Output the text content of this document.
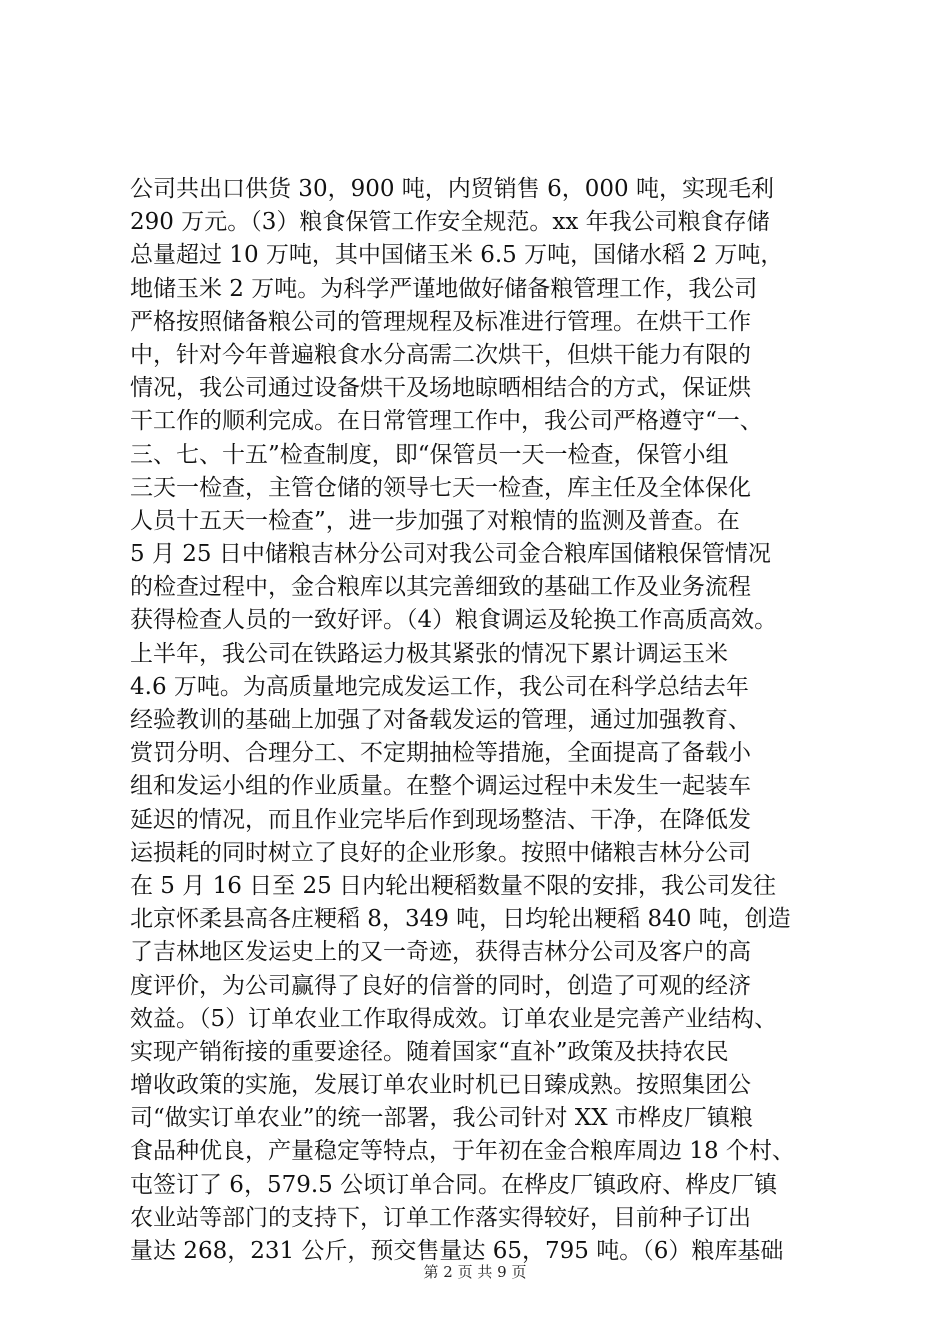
公司共出口供货 30，900 吨，内贸销售 6，000 吨，实现毛利
290 万元。（3）粮食保管工作安全规范。xx 年我公司粮食存储
总量超过 10 万吨，其中国储玉米 6.5 万吨，国储水稻 2 万吨，
地储玉米 2 万吨。为科学严谨地做好储备粮管理工作，我公司
严格按照储备粮公司的管理规程及标准进行管理。在烘干工作
中，针对今年普遍粮食水分高需二次烘干，但烘干能力有限的
情况，我公司通过设备烘干及场地晾晒相结合的方式，保证烘
干工作的顺利完成。在日常管理工作中，我公司严格遵守“一、
三、七、十五”检查制度，即“保管员一天一检查，保管小组
三天一检查，主管仓储的领导七天一检查，库主任及全体保化
人员十五天一检查”，进一步加强了对粮情的监测及普查。在
5 月 25 日中储粮吉林分公司对我公司金合粮库国储粮保管情况
的检查过程中，金合粮库以其完善细致的基础工作及业务流程
获得检查人员的一致好评。（4）粮食调运及轮换工作高质高效。
上半年，我公司在铁路运力极其紧张的情况下累计调运玉米
4.6 万吨。为高质量地完成发运工作，我公司在科学总结去年
经验教训的基础上加强了对备载发运的管理，通过加强教育、
赏罚分明、合理分工、不定期抽检等措施，全面提高了备载小
组和发运小组的作业质量。在整个调运过程中未发生一起装车
延迟的情况，而且作业完毕后作到现场整洁、干净，在降低发
运损耗的同时树立了良好的企业形象。按照中储粮吉林分公司
在 5 月 16 日至 25 日内轮出粳稻数量不限的安排，我公司发往
北京怀柔县高各庄粳稻 8，349 吨，日均轮出粳稻 840 吨，创造
了吉林地区发运史上的又一奇迹，获得吉林分公司及客户的高
度评价，为公司赢得了良好的信誉的同时，创造了可观的经济
效益。（5）订单农业工作取得成效。订单农业是完善产业结构、
实现产销衔接的重要途径。随着国家“直补”政策及扶持农民
增收政策的实施，发展订单农业时机已日臻成熟。按照集团公
司“做实订单农业”的统一部署，我公司针对 XX 市桦皮厂镇粮
食品种优良，产量稳定等特点，于年初在金合粮库周边 18 个村、
屯签订了 6，579.5 公顷订单合同。在桦皮厂镇政府、桦皮厂镇
农业站等部门的支持下，订单工作落实得较好，目前种子订出
量达 268，231 公斤，预交售量达 65，795 吨。（6）粮库基础
第 2 页 共 9 页
